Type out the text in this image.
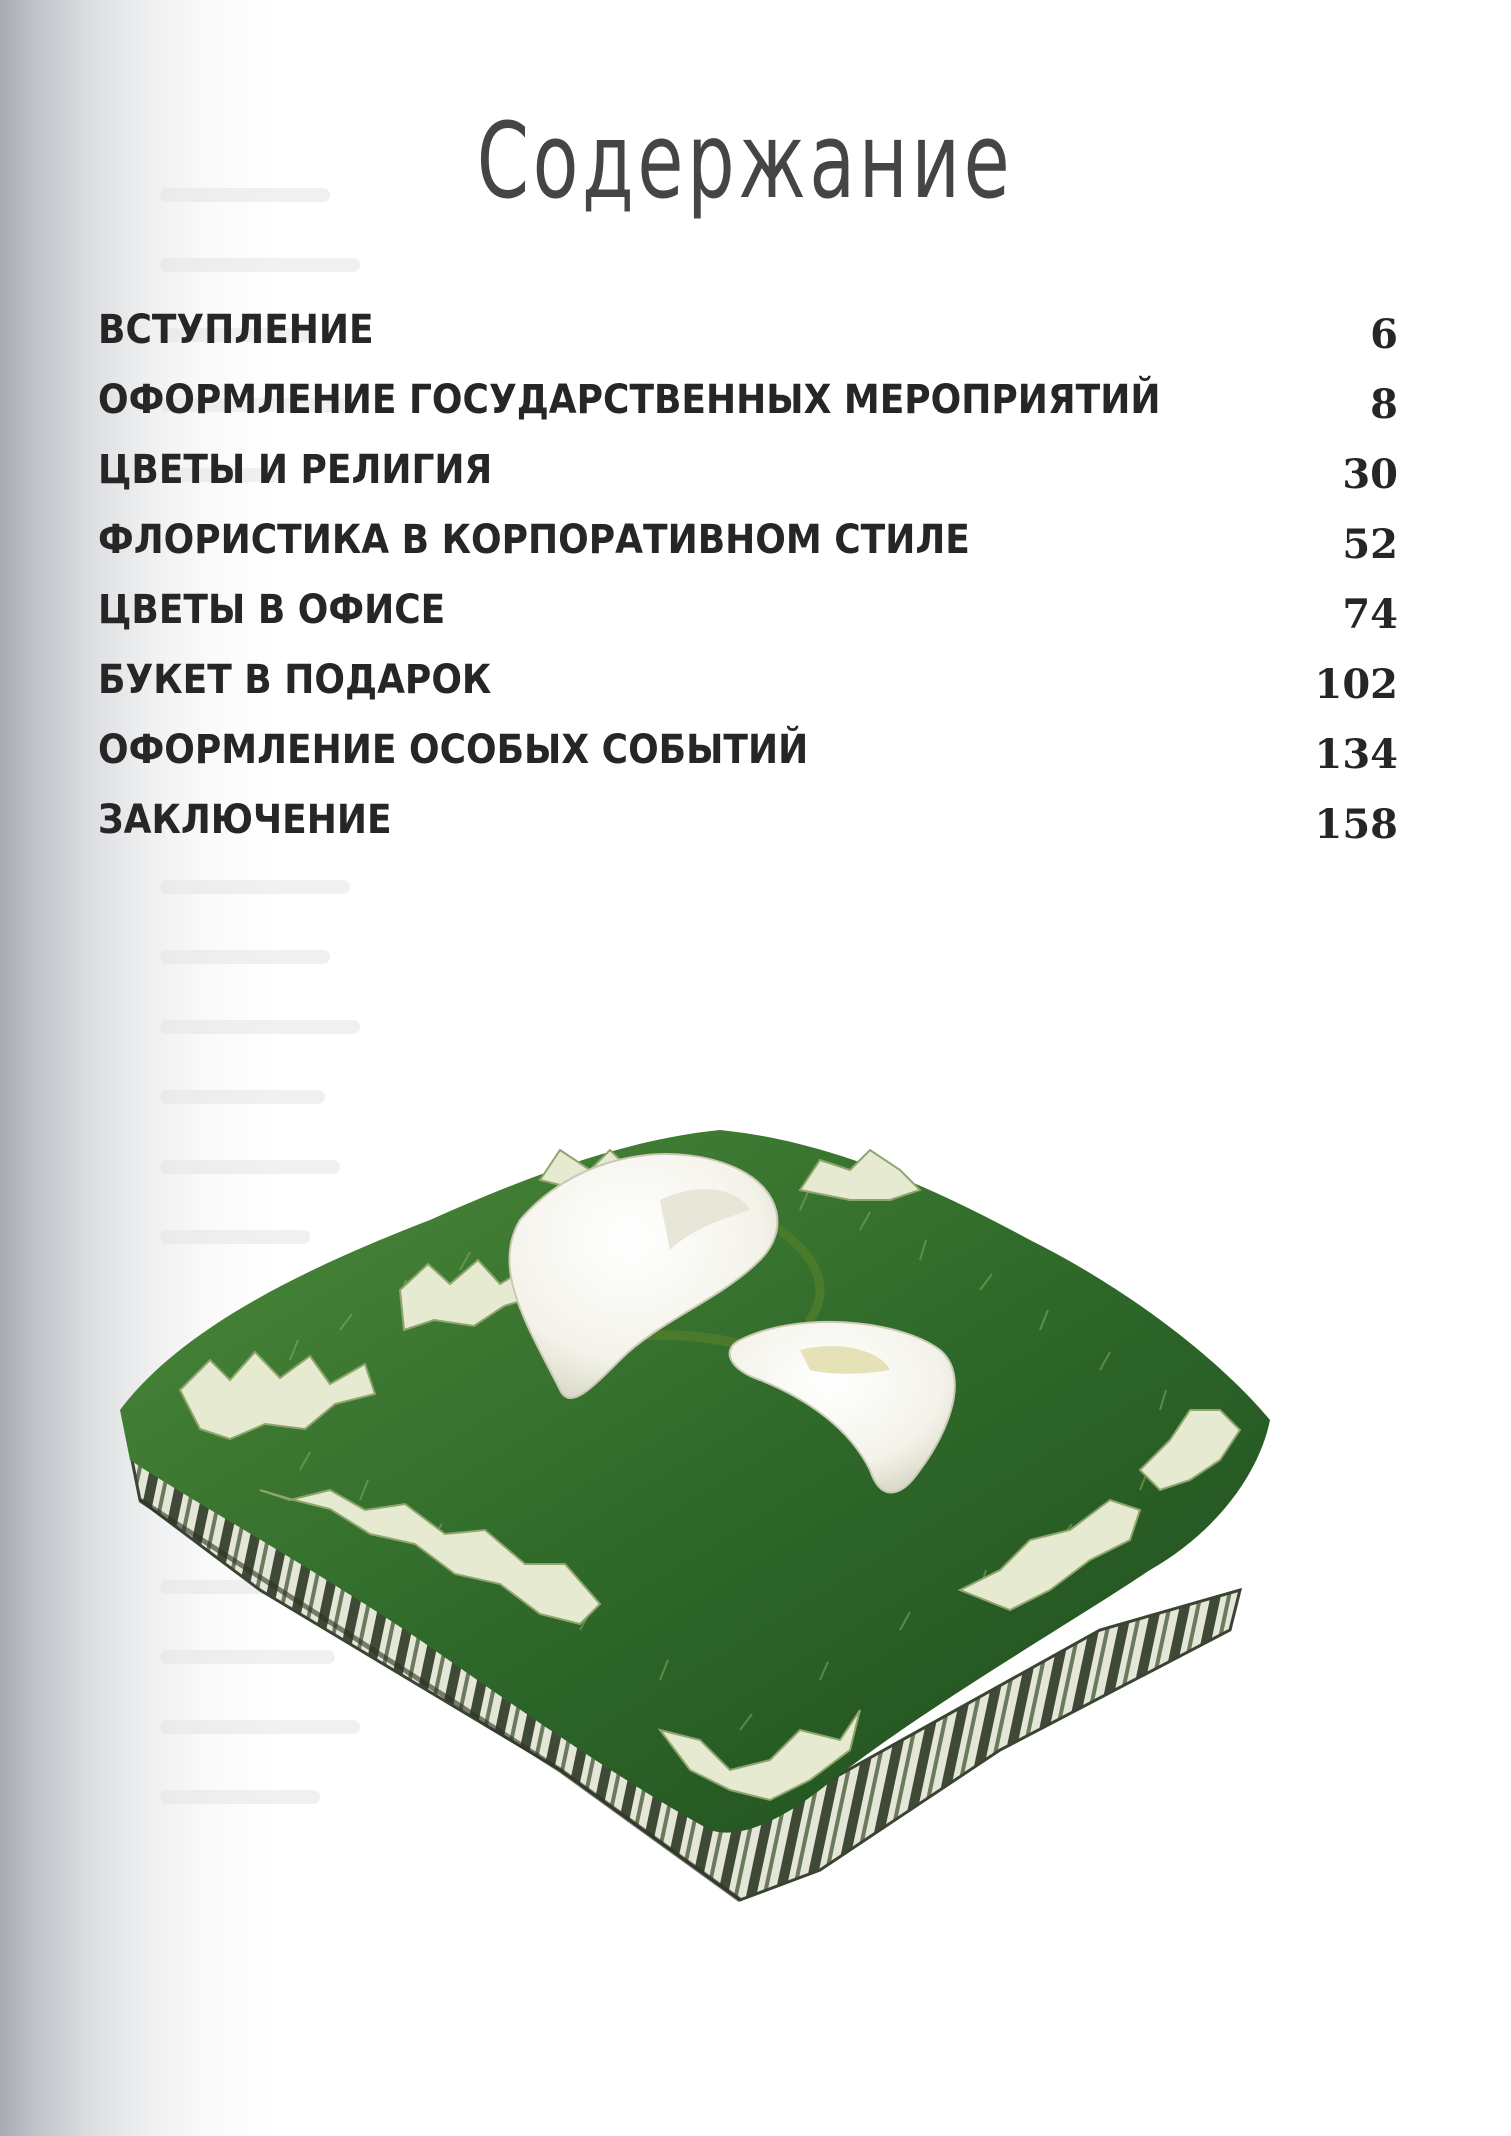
Содержание
ВСТУПЛЕНИЕ	6
ОФОРМЛЕНИЕ ГОСУДАРСТВЕННЫХ МЕРОПРИЯТИЙ	8
ЦВЕТЫ И РЕЛИГИЯ	30
ФЛОРИСТИКА В КОРПОРАТИВНОМ СТИЛЕ	52
ЦВЕТЫ В ОФИСЕ	74
БУКЕТ В ПОДАРОК	102
ОФОРМЛЕНИЕ ОСОБЫХ СОБЫТИЙ	134
ЗАКЛЮЧЕНИЕ	158
